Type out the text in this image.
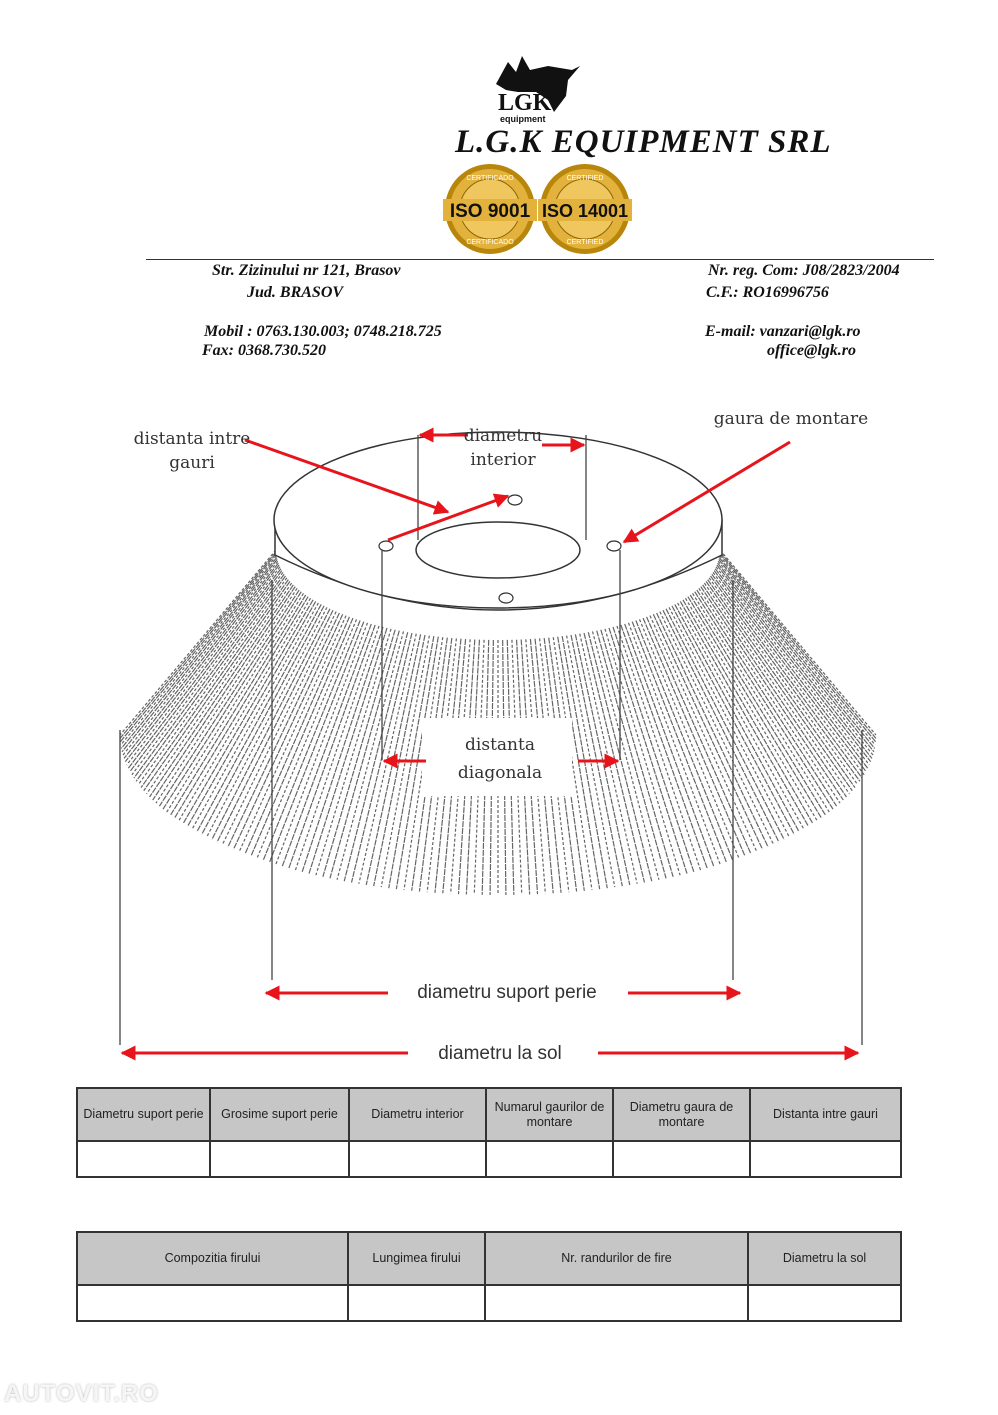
LGK
equipment
L.G.K EQUIPMENT SRL
CERTIFICADO
ISO 9001
CERTIFICADO
CERTIFIED
ISO 14001
CERTIFIED
Str. Zizinului nr 121, Brasov
Jud. BRASOV
Nr. reg. Com: J08/2823/2004
C.F.: RO16996756
Mobil : 0763.130.003; 0748.218.725
Fax: 0368.730.520
E-mail: vanzari@lgk.ro
office@lgk.ro
distanta intre
gauri
diametru
interior
gaura de montare
distanta
diagonala
diametru suport perie
diametru la sol
Diametru suport perie	Grosime suport perie	Diametru interior	Numarul gaurilor de montare	Diametru gaura de montare	Distanta intre gauri

Compozitia firului	Lungimea firului	Nr. randurilor de fire	Diametru la sol

AUTOVIT.RO
